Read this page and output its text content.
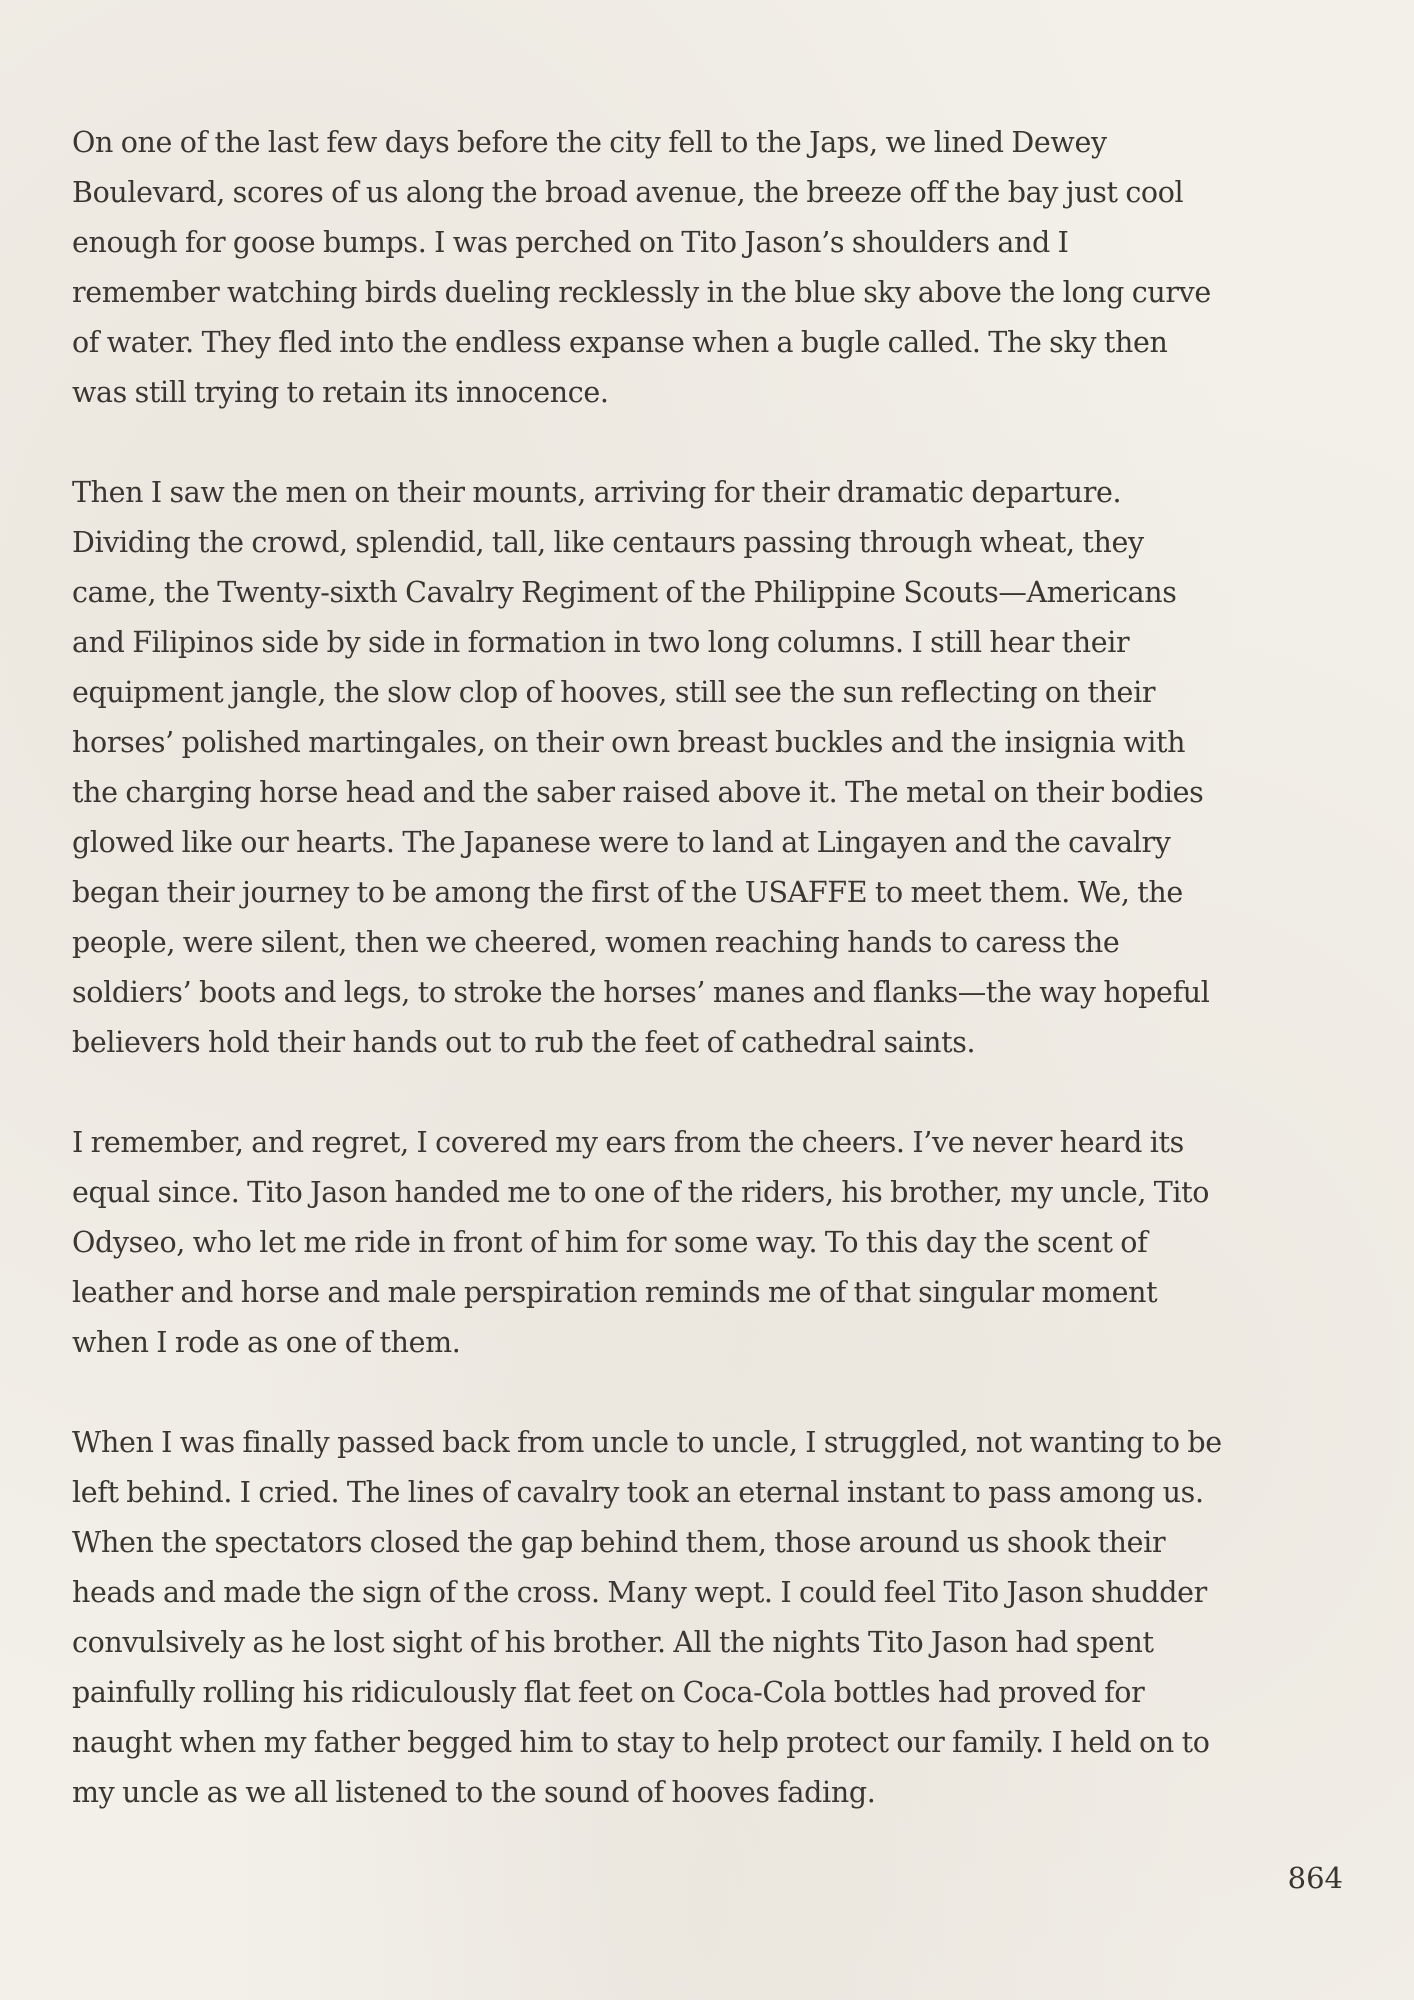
On one of the last few days before the city fell to the Japs, we lined Dewey
Boulevard, scores of us along the broad avenue, the breeze off the bay just cool
enough for goose bumps. I was perched on Tito Jason’s shoulders and I
remember watching birds dueling recklessly in the blue sky above the long curve
of water. They fled into the endless expanse when a bugle called. The sky then
was still trying to retain its innocence.

Then I saw the men on their mounts, arriving for their dramatic departure.
Dividing the crowd, splendid, tall, like centaurs passing through wheat, they
came, the Twenty-sixth Cavalry Regiment of the Philippine Scouts—Americans
and Filipinos side by side in formation in two long columns. I still hear their
equipment jangle, the slow clop of hooves, still see the sun reflecting on their
horses’ polished martingales, on their own breast buckles and the insignia with
the charging horse head and the saber raised above it. The metal on their bodies
glowed like our hearts. The Japanese were to land at Lingayen and the cavalry
began their journey to be among the first of the USAFFE to meet them. We, the
people, were silent, then we cheered, women reaching hands to caress the
soldiers’ boots and legs, to stroke the horses’ manes and flanks—the way hopeful
believers hold their hands out to rub the feet of cathedral saints.

I remember, and regret, I covered my ears from the cheers. I’ve never heard its
equal since. Tito Jason handed me to one of the riders, his brother, my uncle, Tito
Odyseo, who let me ride in front of him for some way. To this day the scent of
leather and horse and male perspiration reminds me of that singular moment
when I rode as one of them.

When I was finally passed back from uncle to uncle, I struggled, not wanting to be
left behind. I cried. The lines of cavalry took an eternal instant to pass among us.
When the spectators closed the gap behind them, those around us shook their
heads and made the sign of the cross. Many wept. I could feel Tito Jason shudder
convulsively as he lost sight of his brother. All the nights Tito Jason had spent
painfully rolling his ridiculously flat feet on Coca-Cola bottles had proved for
naught when my father begged him to stay to help protect our family. I held on to
my uncle as we all listened to the sound of hooves fading.

864
